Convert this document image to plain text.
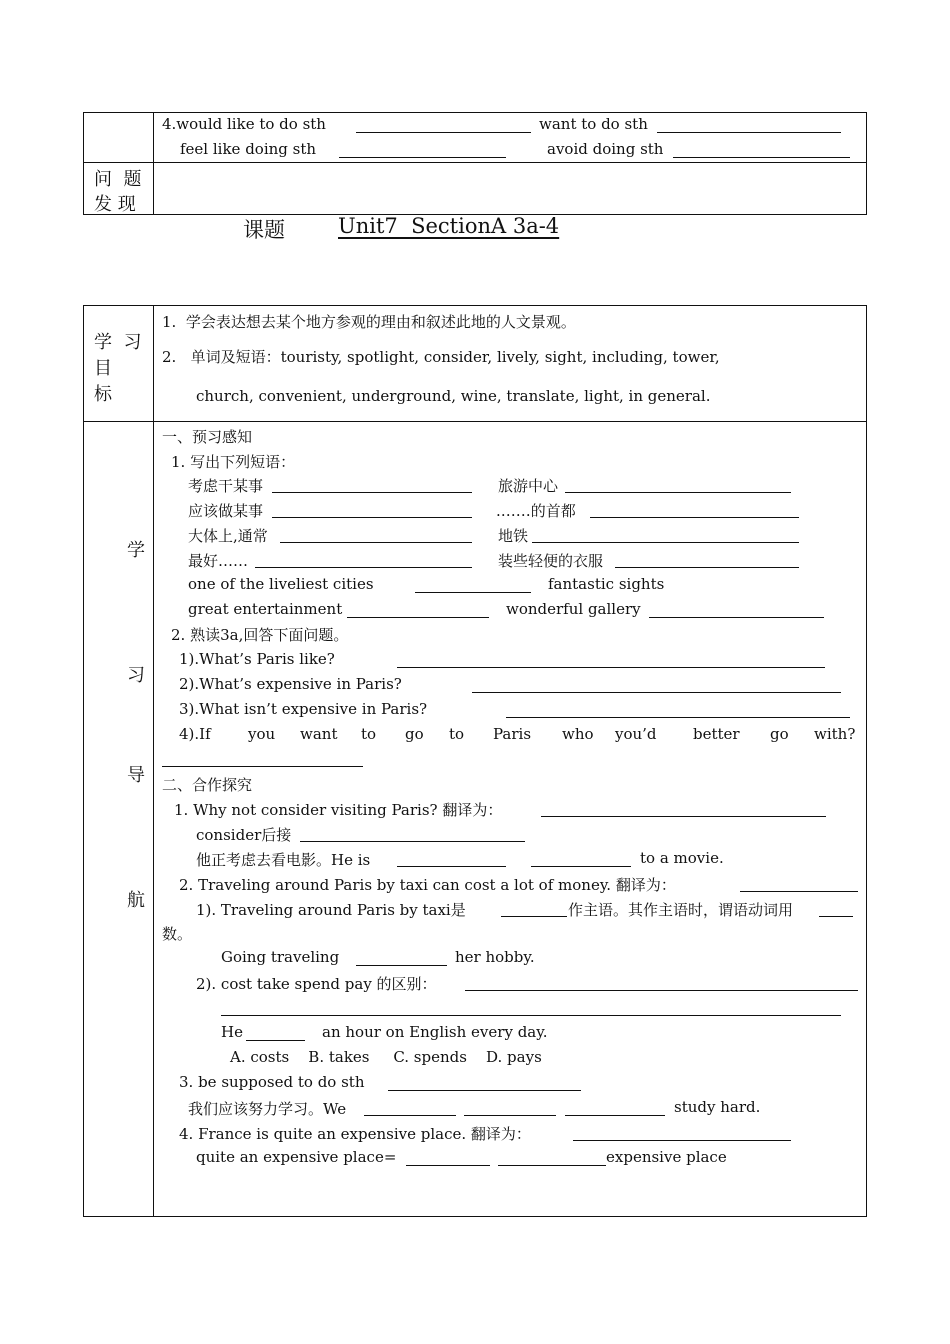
4.would like to do sth	want to do sth
feel like doing sth	avoid doing sth
问  题
发 现
课题	Unit7  SectionA 3a-4
学  习
目
标
1.  学会表达想去某个地方参观的理由和叙述此地的人文景观。
2.   单词及短语：touristy, spotlight, consider, lively, sight, including, tower,
church, convenient, underground, wine, translate, light, in general.
学
习
导
航
一、预习感知
1. 写出下列短语：
考虑干某事	旅游中心
应该做某事	.……的首都
大体上,通常	地铁
最好……	装些轻便的衣服
one of the liveliest cities	fantastic sights
great entertainment	wonderful gallery
2. 熟读3a,回答下面问题。
1).What’s Paris like?
2).What’s expensive in Paris?
3).What isn’t expensive in Paris?
4).If you want to go to Paris who you’d better go with?
二、合作探究
1. Why not consider visiting Paris? 翻译为：
consider后接
他正考虑去看电影。He is	to a movie.
2. Traveling around Paris by taxi can cost a lot of money. 翻译为：
1). Traveling around Paris by taxi是	作主语。其作主语时，谓语动词用
数。
Going traveling	her hobby.
2). cost take spend pay 的区别：
He	an hour on English every day.
A. costs    B. takes     C. spends    D. pays
3. be supposed to do sth
我们应该努力学习。We	study hard.
4. France is quite an expensive place. 翻译为：
quite an expensive place=	expensive place
